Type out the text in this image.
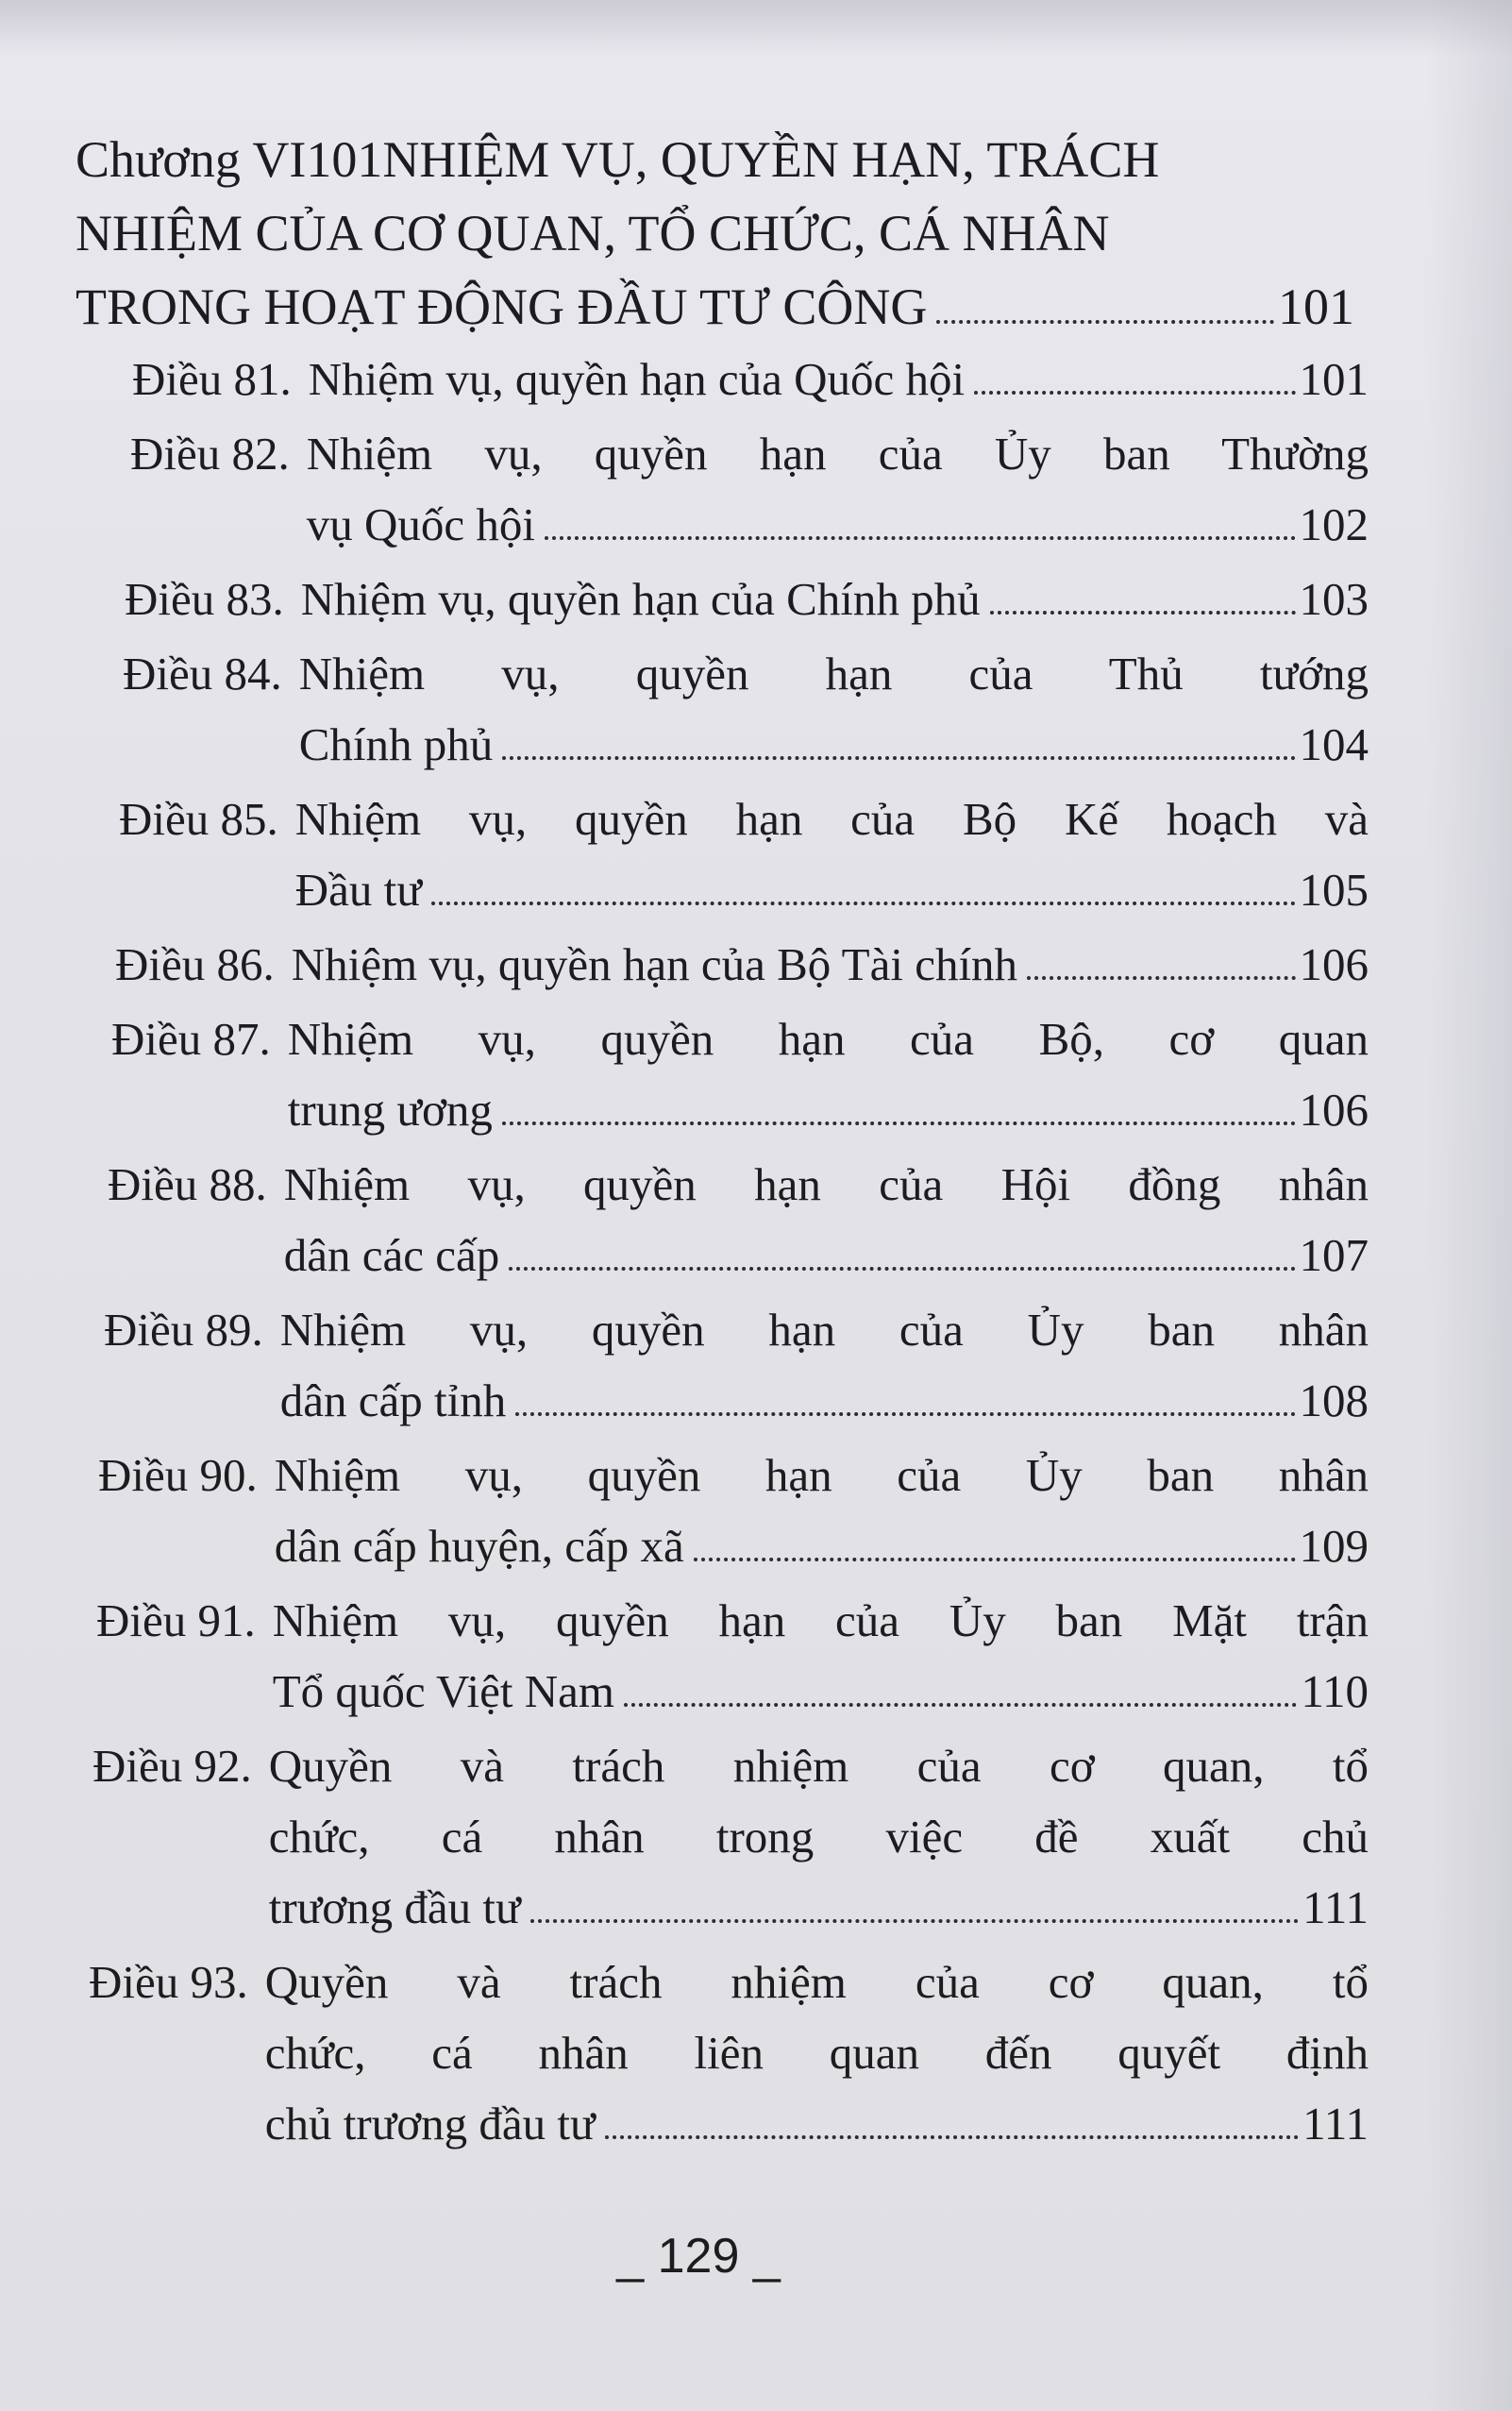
Chương VI101NHIỆM VỤ, QUYỀN HẠN, TRÁCH
NHIỆM CỦA CƠ QUAN, TỔ CHỨC, CÁ NHÂN
TRONG HOẠT ĐỘNG ĐẦU TƯ CÔNG	101
Điều 81. Nhiệm vụ, quyền hạn của Quốc hội	101
Điều 82. Nhiệm vụ, quyền hạn của Ủy ban Thường
vụ Quốc hội	102
Điều 83. Nhiệm vụ, quyền hạn của Chính phủ	103
Điều 84. Nhiệm vụ, quyền hạn của Thủ tướng
Chính phủ	104
Điều 85. Nhiệm vụ, quyền hạn của Bộ Kế hoạch và
Đầu tư	105
Điều 86. Nhiệm vụ, quyền hạn của Bộ Tài chính	106
Điều 87. Nhiệm vụ, quyền hạn của Bộ, cơ quan
trung ương	106
Điều 88. Nhiệm vụ, quyền hạn của Hội đồng nhân
dân các cấp	107
Điều 89. Nhiệm vụ, quyền hạn của Ủy ban nhân
dân cấp tỉnh	108
Điều 90. Nhiệm vụ, quyền hạn của Ủy ban nhân
dân cấp huyện, cấp xã	109
Điều 91. Nhiệm vụ, quyền hạn của Ủy ban Mặt trận
Tổ quốc Việt Nam	110
Điều 92. Quyền và trách nhiệm của cơ quan, tổ
chức, cá nhân trong việc đề xuất chủ
trương đầu tư	111
Điều 93. Quyền và trách nhiệm của cơ quan, tổ
chức, cá nhân liên quan đến quyết định
chủ trương đầu tư	111
_ 129 _
